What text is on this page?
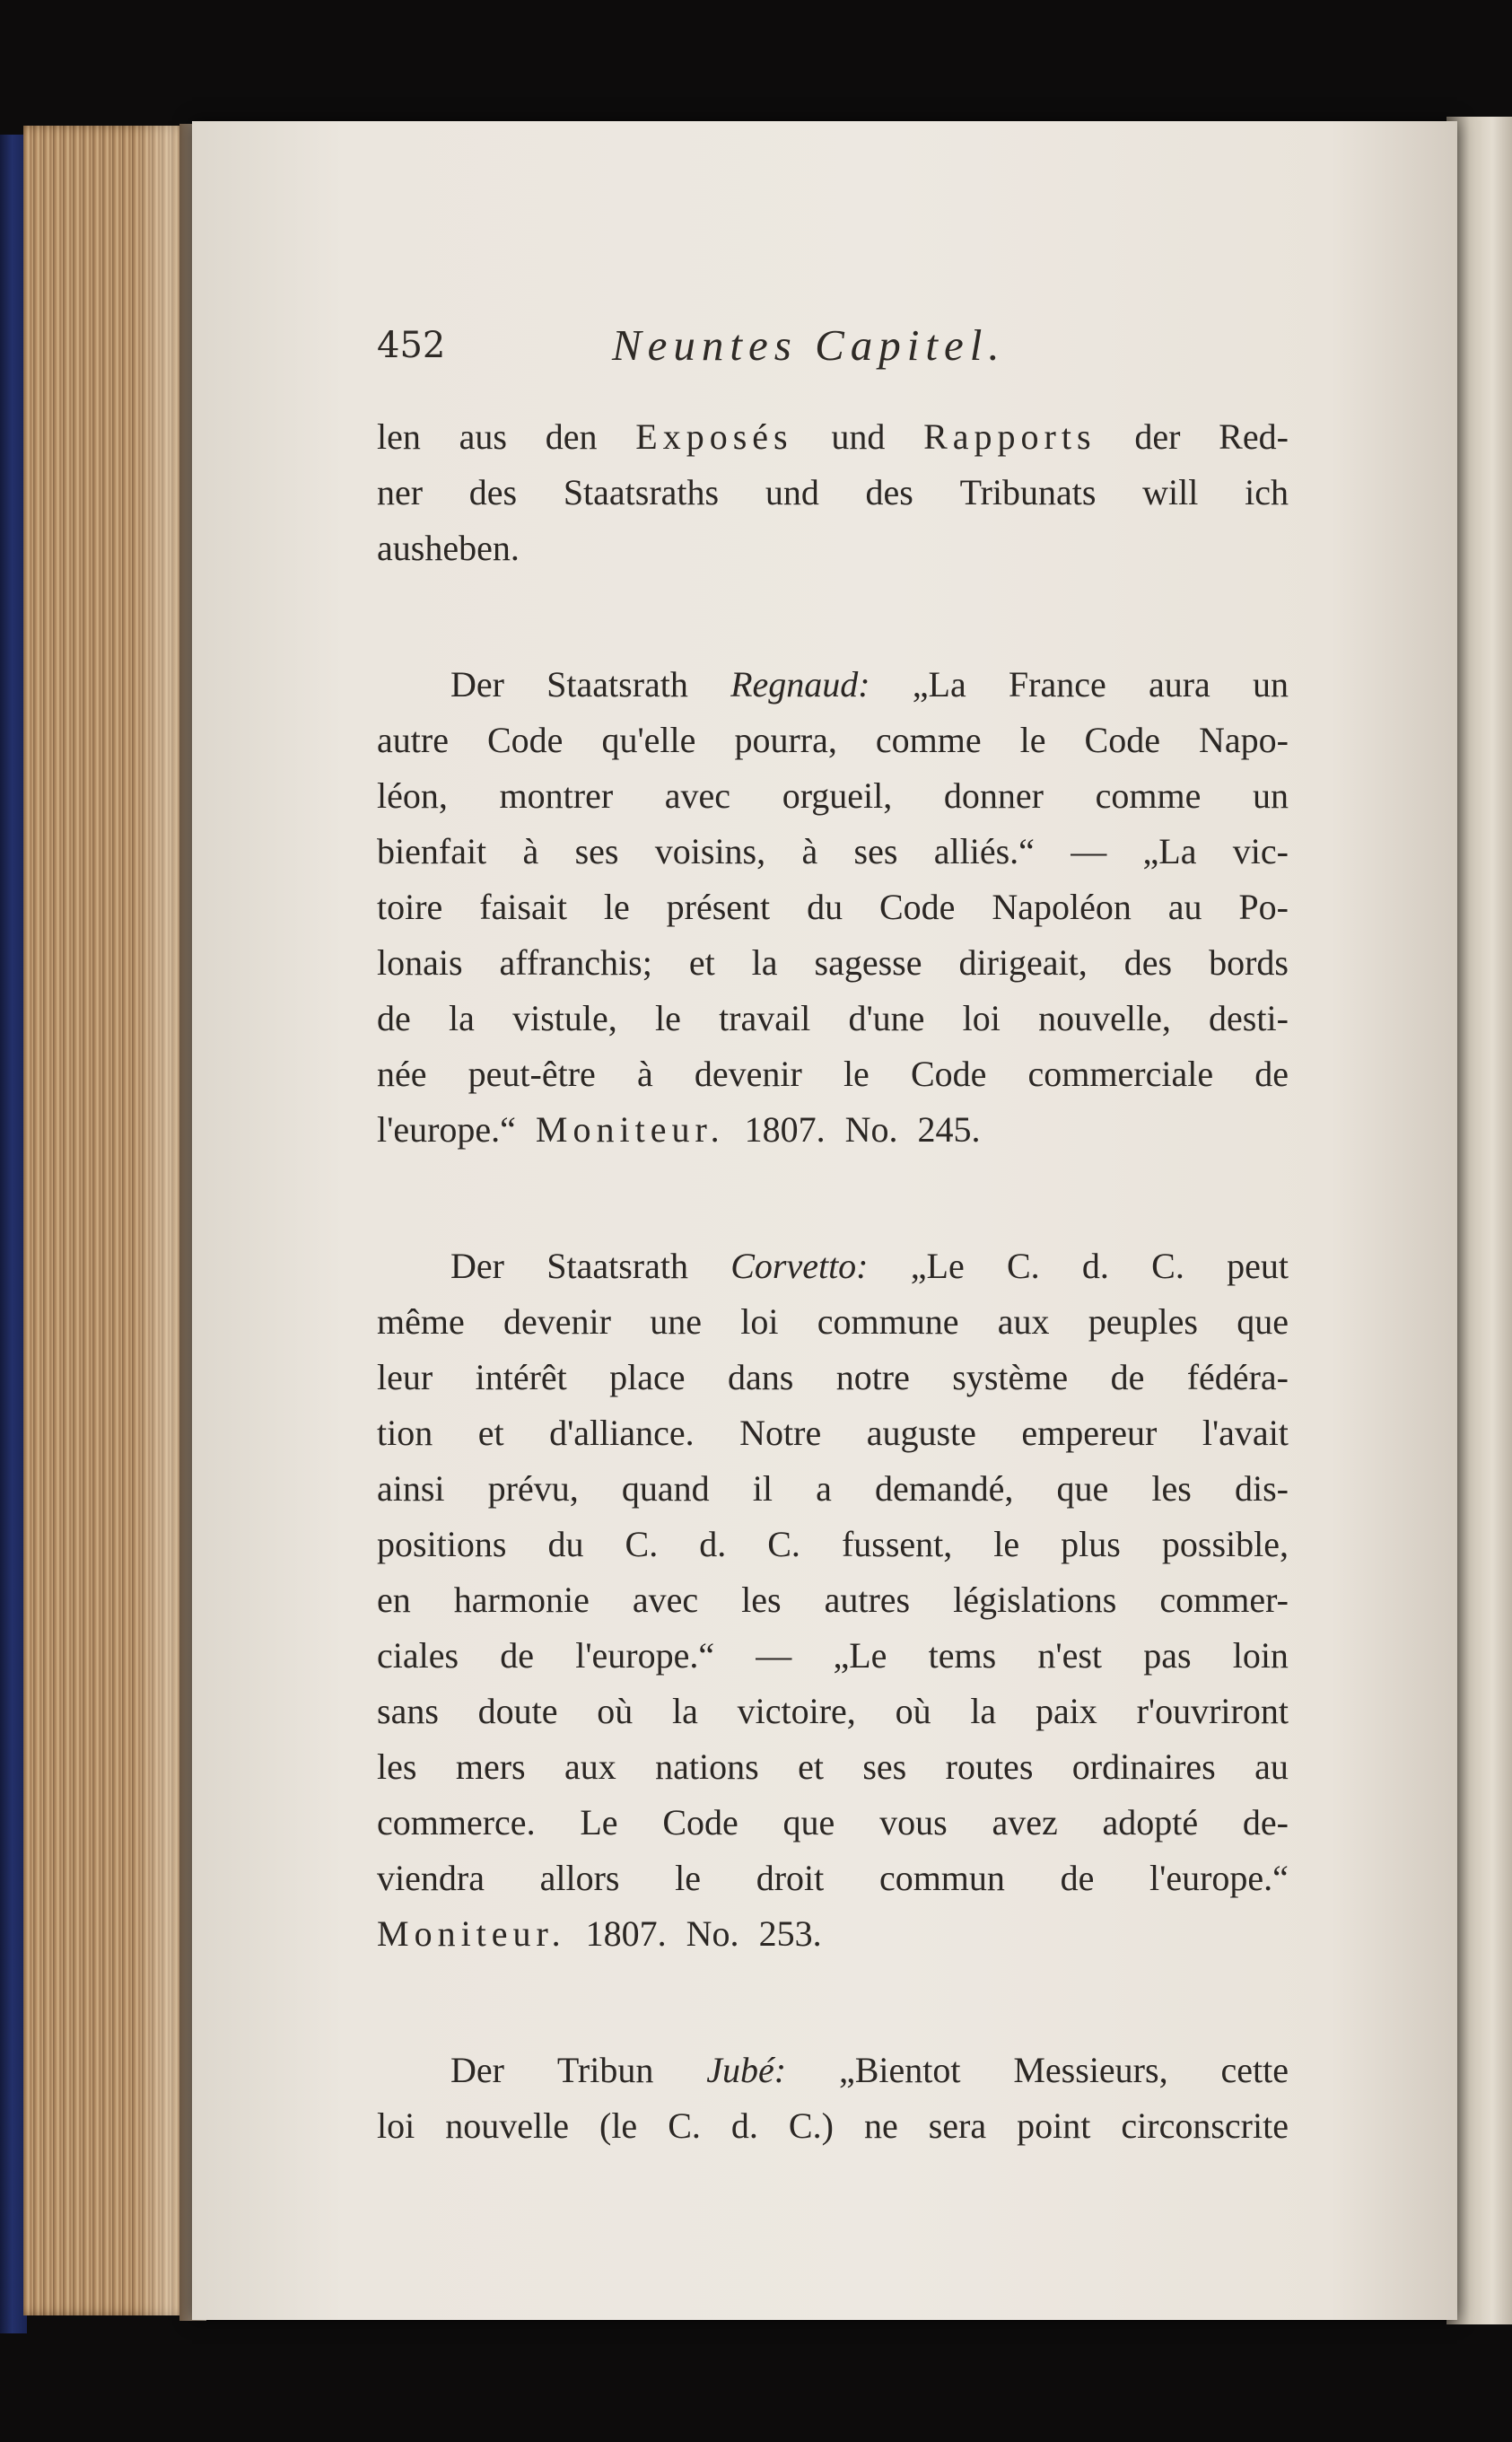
452	Neuntes Capitel.
len aus den Exposés und Rapports der Red-
ner des Staatsraths und des Tribunats will ich
ausheben.
Der Staatsrath Regnaud: „La France aura un
autre Code qu'elle pourra, comme le Code Napo-
léon, montrer avec orgueil, donner comme un
bienfait à ses voisins, à ses alliés.“ — „La vic-
toire faisait le présent du Code Napoléon au Po-
lonais affranchis; et la sagesse dirigeait, des bords
de la vistule, le travail d'une loi nouvelle, desti-
née peut-être à devenir le Code commerciale de
l'europe.“ Moniteur. 1807. No. 245.
Der Staatsrath Corvetto: „Le C. d. C. peut
même devenir une loi commune aux peuples que
leur intérêt place dans notre système de fédéra-
tion et d'alliance. Notre auguste empereur l'avait
ainsi prévu, quand il a demandé, que les dis-
positions du C. d. C. fussent, le plus possible,
en harmonie avec les autres législations commer-
ciales de l'europe.“ — „Le tems n'est pas loin
sans doute où la victoire, où la paix r'ouvriront
les mers aux nations et ses routes ordinaires au
commerce. Le Code que vous avez adopté de-
viendra allors le droit commun de l'europe.“
Moniteur. 1807. No. 253.
Der Tribun Jubé: „Bientot Messieurs, cette
loi nouvelle (le C. d. C.) ne sera point circonscrite
